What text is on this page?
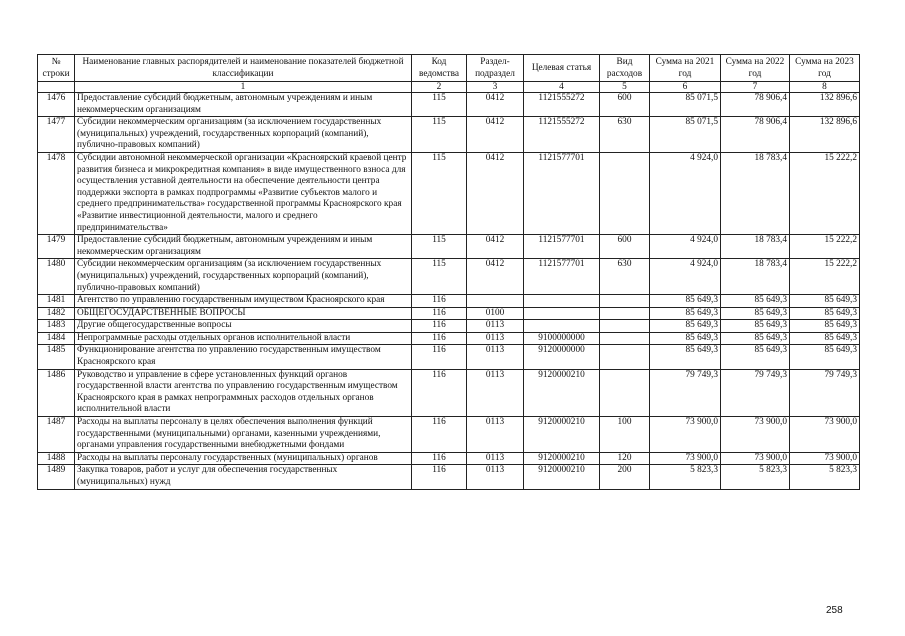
№ строки	Наименование главных распорядителей и наименование показателей бюджетной классификации	Код ведомства	Раздел-подраздел	Целевая статья	Вид расходов	Сумма на 2021 год	Сумма на 2022 год	Сумма на 2023 год
	1	2	3	4	5	6	7	8
1476	Предоставление субсидий бюджетным, автономным учреждениям и иным некоммерческим организациям	115	0412	1121555272	600	85 071,5	78 906,4	132 896,6
1477	Субсидии некоммерческим организациям (за исключением государственных (муниципальных) учреждений, государственных корпораций (компаний), публично-правовых компаний)	115	0412	1121555272	630	85 071,5	78 906,4	132 896,6
1478	Субсидии автономной некоммерческой организации «Красноярский краевой центр развития бизнеса и микрокредитная компания» в виде имущественного взноса для осуществления уставной деятельности на обеспечение деятельности центра поддержки экспорта в рамках подпрограммы «Развитие субъектов малого и среднего предпринимательства» государственной программы Красноярского края «Развитие инвестиционной деятельности, малого и среднего предпринимательства»	115	0412	1121577701		4 924,0	18 783,4	15 222,2
1479	Предоставление субсидий бюджетным, автономным учреждениям и иным некоммерческим организациям	115	0412	1121577701	600	4 924,0	18 783,4	15 222,2
1480	Субсидии некоммерческим организациям (за исключением государственных (муниципальных) учреждений, государственных корпораций (компаний), публично-правовых компаний)	115	0412	1121577701	630	4 924,0	18 783,4	15 222,2
1481	Агентство по управлению государственным имуществом Красноярского края	116				85 649,3	85 649,3	85 649,3
1482	ОБЩЕГОСУДАРСТВЕННЫЕ ВОПРОСЫ	116	0100			85 649,3	85 649,3	85 649,3
1483	Другие общегосударственные вопросы	116	0113			85 649,3	85 649,3	85 649,3
1484	Непрограммные расходы отдельных органов исполнительной власти	116	0113	9100000000		85 649,3	85 649,3	85 649,3
1485	Функционирование агентства по управлению государственным имуществом Красноярского края	116	0113	9120000000		85 649,3	85 649,3	85 649,3
1486	Руководство и управление в сфере установленных функций органов государственной власти агентства по управлению государственным имуществом Красноярского края в рамках непрограммных расходов отдельных органов исполнительной власти	116	0113	9120000210		79 749,3	79 749,3	79 749,3
1487	Расходы на выплаты персоналу в целях обеспечения выполнения функций государственными (муниципальными) органами, казенными учреждениями, органами управления государственными внебюджетными фондами	116	0113	9120000210	100	73 900,0	73 900,0	73 900,0
1488	Расходы на выплаты персоналу государственных (муниципальных) органов	116	0113	9120000210	120	73 900,0	73 900,0	73 900,0
1489	Закупка товаров, работ и услуг для обеспечения государственных (муниципальных) нужд	116	0113	9120000210	200	5 823,3	5 823,3	5 823,3
258
